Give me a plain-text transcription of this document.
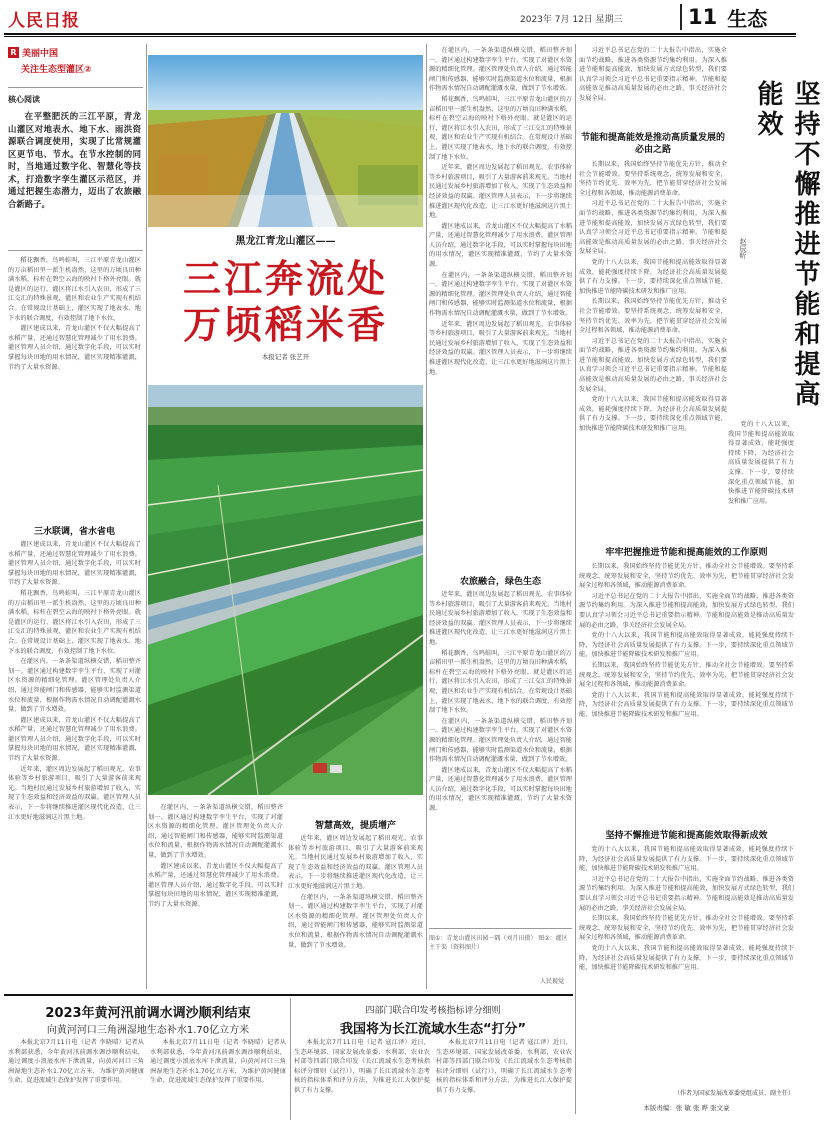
人民日报	2023年 7月 12日 星期三	11 生态
R 美丽中国
关注生态型灌区②
核心阅读
在平整肥沃的三江平原，青龙山灌区对地表水、地下水、雨洪资源联合调度使用，实现了比常规灌区更节电、节水。在节水控制的同时，当地通过数字化、智慧化等技术，打造数字孪生灌区示范区，并通过把握生态潜力，迈出了农旅融合新路子。

稻花飘香，鸟鸣蛙叫，三江平原青龙山灌区的万亩稻田里一派生机盎然，这里的万顷良田种满水稻，标杆在碧空云海的映衬下格外亮眼。就是灌区的运行，灌区将江水引入农田，形成了三江交汇的特殊景观，灌区和农业生产实现有机结合。在常规设计基础上，灌区实现了地表水、地下水的联合调度，有效控制了地下水位。

灌区建成以来，青龙山灌区不仅大幅提高了水稻产量，还通过智慧化管理减少了用水浪费。灌区管理人员介绍，通过数字化手段，可以实时掌握每块田地的用水情况，灌区实现精准灌溉，节约了大量水资源。

三水联调，省水省电

灌区建成以来，青龙山灌区不仅大幅提高了水稻产量，还通过智慧化管理减少了用水浪费。灌区管理人员介绍，通过数字化手段，可以实时掌握每块田地的用水情况，灌区实现精准灌溉，节约了大量水资源。

稻花飘香，鸟鸣蛙叫，三江平原青龙山灌区的万亩稻田里一派生机盎然，这里的万顷良田种满水稻，标杆在碧空云海的映衬下格外亮眼。就是灌区的运行，灌区将江水引入农田，形成了三江交汇的特殊景观，灌区和农业生产实现有机结合。在常规设计基础上，灌区实现了地表水、地下水的联合调度，有效控制了地下水位。

在灌区内，一条条渠道纵横交错，稻田整齐划一。灌区通过构建数字孪生平台，实现了对灌区水资源的精细化管理。灌区管理处负责人介绍，通过智能闸门和传感器，能够实时监测渠道水位和流量，根据作物需水情况自动调配灌溉水量，做到了节水增效。

灌区建成以来，青龙山灌区不仅大幅提高了水稻产量，还通过智慧化管理减少了用水浪费。灌区管理人员介绍，通过数字化手段，可以实时掌握每块田地的用水情况，灌区实现精准灌溉，节约了大量水资源。

近年来，灌区周边发展起了稻田观光、农事体验等乡村旅游项目，吸引了大量游客前来观光。当地村民通过发展乡村旅游增加了收入，实现了生态效益和经济效益的双赢。灌区管理人员表示，下一步将继续推进灌区现代化改造，让三江水更好地滋润这片黑土地。

黑龙江青龙山灌区——
三江奔流处
万顷稻米香
本报记者 张艺开

在灌区内，一条条渠道纵横交错，稻田整齐划一。灌区通过构建数字孪生平台，实现了对灌区水资源的精细化管理。灌区管理处负责人介绍，通过智能闸门和传感器，能够实时监测渠道水位和流量，根据作物需水情况自动调配灌溉水量，做到了节水增效。

灌区建成以来，青龙山灌区不仅大幅提高了水稻产量，还通过智慧化管理减少了用水浪费。灌区管理人员介绍，通过数字化手段，可以实时掌握每块田地的用水情况，灌区实现精准灌溉，节约了大量水资源。

智慧高效，提质增产

近年来，灌区周边发展起了稻田观光、农事体验等乡村旅游项目，吸引了大量游客前来观光。当地村民通过发展乡村旅游增加了收入，实现了生态效益和经济效益的双赢。灌区管理人员表示，下一步将继续推进灌区现代化改造，让三江水更好地滋润这片黑土地。

在灌区内，一条条渠道纵横交错，稻田整齐划一。灌区通过构建数字孪生平台，实现了对灌区水资源的精细化管理。灌区管理处负责人介绍，通过智能闸门和传感器，能够实时监测渠道水位和流量，根据作物需水情况自动调配灌溉水量，做到了节水增效。

在灌区内，一条条渠道纵横交错，稻田整齐划一。灌区通过构建数字孪生平台，实现了对灌区水资源的精细化管理。灌区管理处负责人介绍，通过智能闸门和传感器，能够实时监测渠道水位和流量，根据作物需水情况自动调配灌溉水量，做到了节水增效。

稻花飘香，鸟鸣蛙叫，三江平原青龙山灌区的万亩稻田里一派生机盎然，这里的万顷良田种满水稻，标杆在碧空云海的映衬下格外亮眼。就是灌区的运行，灌区将江水引入农田，形成了三江交汇的特殊景观，灌区和农业生产实现有机结合。在常规设计基础上，灌区实现了地表水、地下水的联合调度，有效控制了地下水位。

近年来，灌区周边发展起了稻田观光、农事体验等乡村旅游项目，吸引了大量游客前来观光。当地村民通过发展乡村旅游增加了收入，实现了生态效益和经济效益的双赢。灌区管理人员表示，下一步将继续推进灌区现代化改造，让三江水更好地滋润这片黑土地。

灌区建成以来，青龙山灌区不仅大幅提高了水稻产量，还通过智慧化管理减少了用水浪费。灌区管理人员介绍，通过数字化手段，可以实时掌握每块田地的用水情况，灌区实现精准灌溉，节约了大量水资源。

在灌区内，一条条渠道纵横交错，稻田整齐划一。灌区通过构建数字孪生平台，实现了对灌区水资源的精细化管理。灌区管理处负责人介绍，通过智能闸门和传感器，能够实时监测渠道水位和流量，根据作物需水情况自动调配灌溉水量，做到了节水增效。

近年来，灌区周边发展起了稻田观光、农事体验等乡村旅游项目，吸引了大量游客前来观光。当地村民通过发展乡村旅游增加了收入，实现了生态效益和经济效益的双赢。灌区管理人员表示，下一步将继续推进灌区现代化改造，让三江水更好地滋润这片黑土地。

农旅融合，绿色生态

近年来，灌区周边发展起了稻田观光、农事体验等乡村旅游项目，吸引了大量游客前来观光。当地村民通过发展乡村旅游增加了收入，实现了生态效益和经济效益的双赢。灌区管理人员表示，下一步将继续推进灌区现代化改造，让三江水更好地滋润这片黑土地。

稻花飘香，鸟鸣蛙叫，三江平原青龙山灌区的万亩稻田里一派生机盎然，这里的万顷良田种满水稻，标杆在碧空云海的映衬下格外亮眼。就是灌区的运行，灌区将江水引入农田，形成了三江交汇的特殊景观，灌区和农业生产实现有机结合。在常规设计基础上，灌区实现了地表水、地下水的联合调度，有效控制了地下水位。

在灌区内，一条条渠道纵横交错，稻田整齐划一。灌区通过构建数字孪生平台，实现了对灌区水资源的精细化管理。灌区管理处负责人介绍，通过智能闸门和传感器，能够实时监测渠道水位和流量，根据作物需水情况自动调配灌溉水量，做到了节水增效。

灌区建成以来，青龙山灌区不仅大幅提高了水稻产量，还通过智慧化管理减少了用水浪费。灌区管理人员介绍，通过数字化手段，可以实时掌握每块田地的用水情况，灌区实现精准灌溉，节约了大量水资源。

图①：青龙山灌区田园一隅（刘月田摄） 图②：灌区主干渠（资料图片）
人民视觉

习近平总书记在党的二十大报告中指出，实施全面节约战略，推进各类资源节约集约利用。为深入推进节能和提高能效，加快发展方式绿色转型，我们要认真学习领会习近平总书记重要指示精神。节能和提高能效是推动高质量发展的必由之路，事关经济社会发展全局。	坚持不懈推进节能和提高能效
赵辰昕
节能和提高能效是推动高质量发展的必由之路

长期以来，我国始终坚持节能优先方针，推动全社会节能增效。要坚持系统观念，统筹发展和安全，坚持节约优先、效率为先，把节能贯穿经济社会发展全过程和各领域，推动能源消费革命。

习近平总书记在党的二十大报告中指出，实施全面节约战略，推进各类资源节约集约利用。为深入推进节能和提高能效，加快发展方式绿色转型，我们要认真学习领会习近平总书记重要指示精神。节能和提高能效是推动高质量发展的必由之路，事关经济社会发展全局。

党的十八大以来，我国节能和提高能效取得显著成效，能耗强度持续下降，为经济社会高质量发展提供了有力支撑。下一步，要持续深化重点领域节能，加快推进节能降碳技术研发和推广应用。

长期以来，我国始终坚持节能优先方针，推动全社会节能增效。要坚持系统观念，统筹发展和安全，坚持节约优先、效率为先，把节能贯穿经济社会发展全过程和各领域，推动能源消费革命。

习近平总书记在党的二十大报告中指出，实施全面节约战略，推进各类资源节约集约利用。为深入推进节能和提高能效，加快发展方式绿色转型，我们要认真学习领会习近平总书记重要指示精神。节能和提高能效是推动高质量发展的必由之路，事关经济社会发展全局。

党的十八大以来，我国节能和提高能效取得显著成效，能耗强度持续下降，为经济社会高质量发展提供了有力支撑。下一步，要持续深化重点领域节能，加快推进节能降碳技术研发和推广应用。

党的十八大以来，我国节能和提高能效取得显著成效，能耗强度持续下降，为经济社会高质量发展提供了有力支撑。下一步，要持续深化重点领域节能，加快推进节能降碳技术研发和推广应用。

牢牢把握推进节能和提高能效的工作原则

长期以来，我国始终坚持节能优先方针，推动全社会节能增效。要坚持系统观念，统筹发展和安全，坚持节约优先、效率为先，把节能贯穿经济社会发展全过程和各领域，推动能源消费革命。

习近平总书记在党的二十大报告中指出，实施全面节约战略，推进各类资源节约集约利用。为深入推进节能和提高能效，加快发展方式绿色转型，我们要认真学习领会习近平总书记重要指示精神。节能和提高能效是推动高质量发展的必由之路，事关经济社会发展全局。

党的十八大以来，我国节能和提高能效取得显著成效，能耗强度持续下降，为经济社会高质量发展提供了有力支撑。下一步，要持续深化重点领域节能，加快推进节能降碳技术研发和推广应用。

长期以来，我国始终坚持节能优先方针，推动全社会节能增效。要坚持系统观念，统筹发展和安全，坚持节约优先、效率为先，把节能贯穿经济社会发展全过程和各领域，推动能源消费革命。

党的十八大以来，我国节能和提高能效取得显著成效，能耗强度持续下降，为经济社会高质量发展提供了有力支撑。下一步，要持续深化重点领域节能，加快推进节能降碳技术研发和推广应用。

坚持不懈推进节能和提高能效取得新成效

党的十八大以来，我国节能和提高能效取得显著成效，能耗强度持续下降，为经济社会高质量发展提供了有力支撑。下一步，要持续深化重点领域节能，加快推进节能降碳技术研发和推广应用。

习近平总书记在党的二十大报告中指出，实施全面节约战略，推进各类资源节约集约利用。为深入推进节能和提高能效，加快发展方式绿色转型，我们要认真学习领会习近平总书记重要指示精神。节能和提高能效是推动高质量发展的必由之路，事关经济社会发展全局。

长期以来，我国始终坚持节能优先方针，推动全社会节能增效。要坚持系统观念，统筹发展和安全，坚持节约优先、效率为先，把节能贯穿经济社会发展全过程和各领域，推动能源消费革命。

党的十八大以来，我国节能和提高能效取得显著成效，能耗强度持续下降，为经济社会高质量发展提供了有力支撑。下一步，要持续深化重点领域节能，加快推进节能降碳技术研发和推广应用。

（作者为国家发展改革委党组成员、副主任）
本版责编：张 敏 张 晔 张文豪
2023年黄河汛前调水调沙顺利结束
向黄河河口三角洲湿地生态补水1.70亿立方米

本报北京7月11日电（记者 李晓晴）记者从水利部获悉，今年黄河汛前调水调沙顺利结束，通过调度小浪底水库下泄流量，向黄河河口三角洲湿地生态补水1.70亿立方米，为维护黄河健康生命、促进流域生态保护发挥了重要作用。

本报北京7月11日电（记者 李晓晴）记者从水利部获悉，今年黄河汛前调水调沙顺利结束，通过调度小浪底水库下泄流量，向黄河河口三角洲湿地生态补水1.70亿立方米，为维护黄河健康生命、促进流域生态保护发挥了重要作用。

四部门联合印发考核指标评分细则
我国将为长江流域水生态“打分”

本报北京7月11日电（记者 寇江泽）近日，生态环境部、国家发展改革委、水利部、农业农村部等四部门联合印发《长江流域水生态考核指标评分细则（试行）》，明确了长江流域水生态考核的指标体系和评分方法，为推进长江大保护提供了有力支撑。

本报北京7月11日电（记者 寇江泽）近日，生态环境部、国家发展改革委、水利部、农业农村部等四部门联合印发《长江流域水生态考核指标评分细则（试行）》，明确了长江流域水生态考核的指标体系和评分方法，为推进长江大保护提供了有力支撑。
